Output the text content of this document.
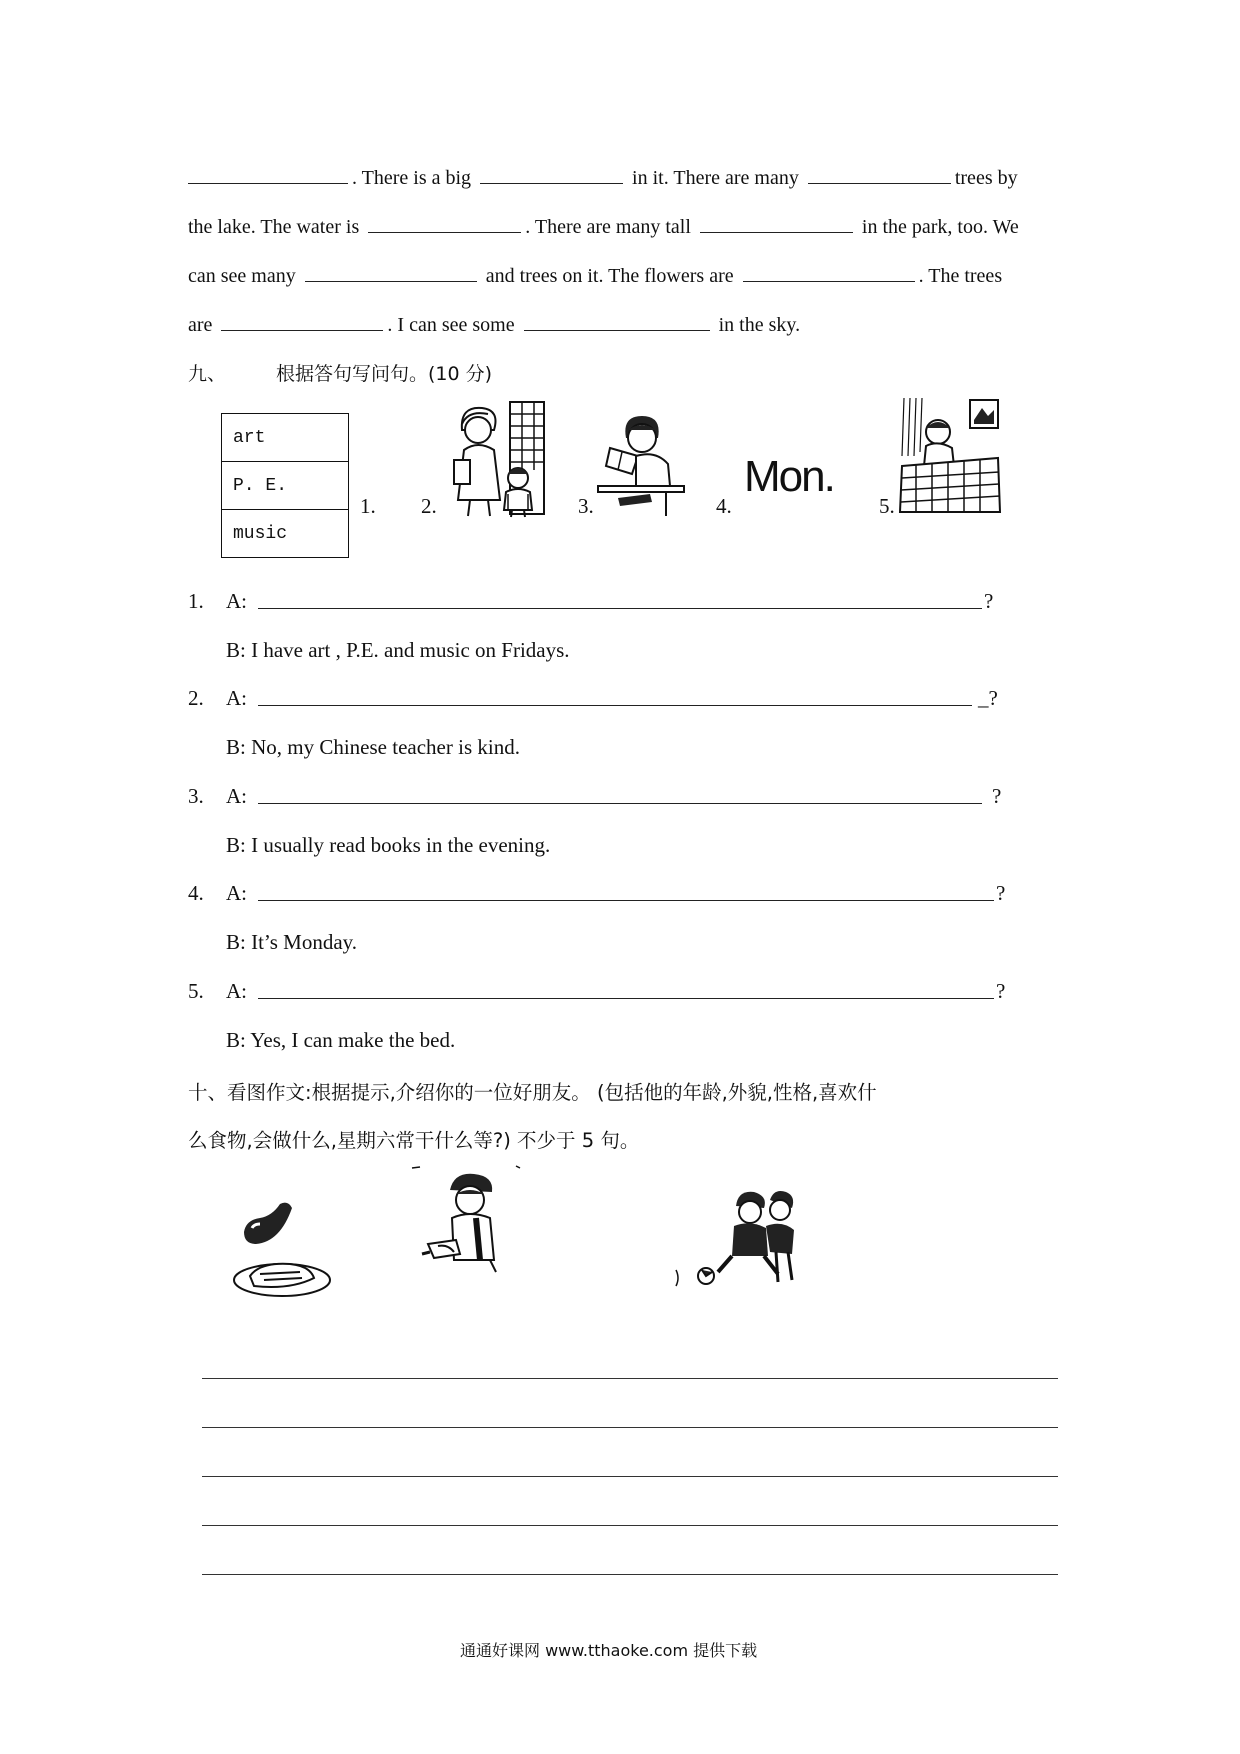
. There is a big	in it. There are many	trees by
the lake. The water is	. There are many tall	in the park, too. We
can see many	and trees on it. The flowers are	. The trees
are	. I can see some	in the sky.
九、	根据答句写问句。(10 分)
art
P. E.
music
1. 2.	3.	4.	5.
Mon.
1. A:	?
B: I have art , P.E. and music on Fridays.
2. A:	_?
B: No, my Chinese teacher is kind.
3. A:	?
B: I usually read books in the evening.
4. A:	?
B: It’s Monday.
5. A:	?
B: Yes, I can make the bed.
十、看图作文:根据提示,介绍你的一位好朋友。 (包括他的年龄,外貌,性格,喜欢什
么食物,会做什么,星期六常干什么等?) 不少于 5 句。
通通好课网 www.tthaoke.com 提供下载
